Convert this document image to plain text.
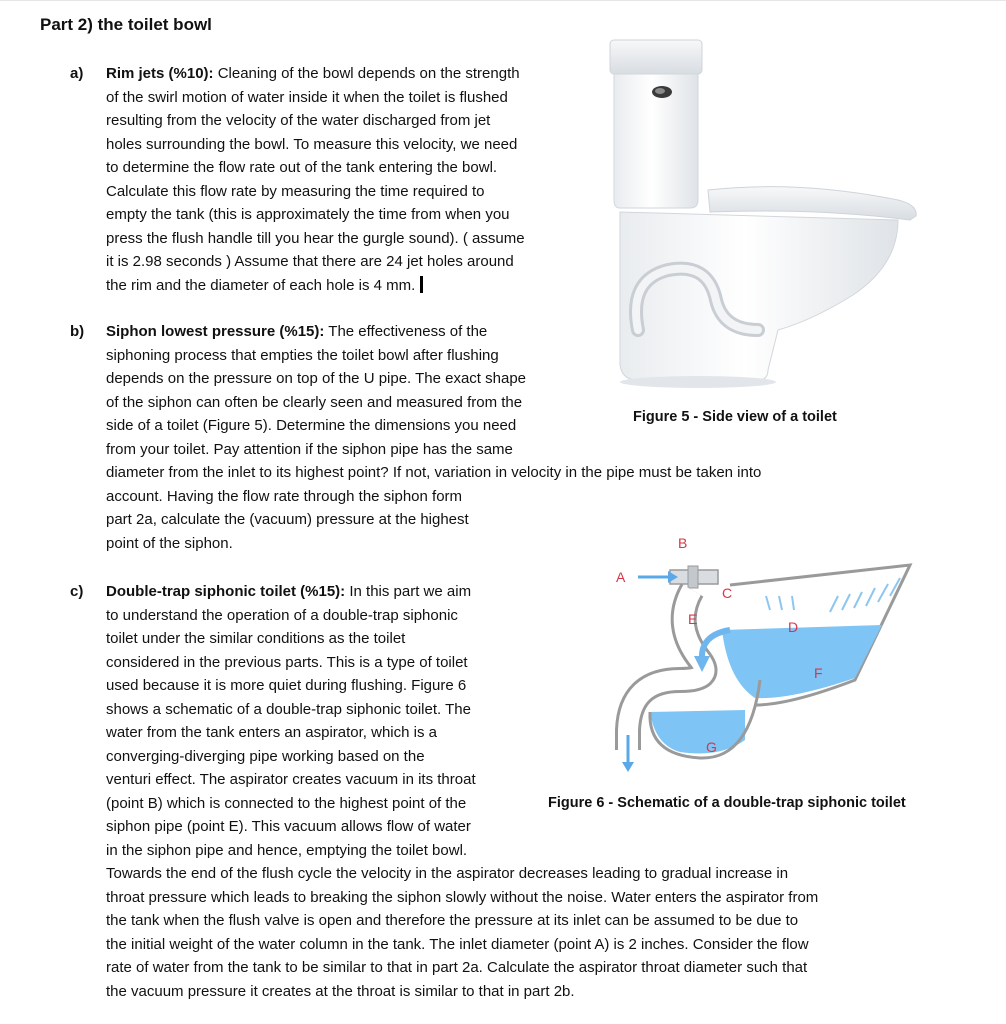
Part 2) the toilet bowl
a) Rim jets (%10): Cleaning of the bowl depends on the strength
of the swirl motion of water inside it when the toilet is flushed
resulting from the velocity of the water discharged from jet
holes surrounding the bowl. To measure this velocity, we need
to determine the flow rate out of the tank entering the bowl.
Calculate this flow rate by measuring the time required to
empty the tank (this is approximately the time from when you
press the flush handle till you hear the gurgle sound). ( assume
it is 2.98 seconds ) Assume that there are 24 jet holes around
the rim and the diameter of each hole is 4 mm.
b) Siphon lowest pressure (%15): The effectiveness of the
siphoning process that empties the toilet bowl after flushing
depends on the pressure on top of the U pipe. The exact shape
of the siphon can often be clearly seen and measured from the
side of a toilet (Figure 5). Determine the dimensions you need
from your toilet. Pay attention if the siphon pipe has the same
diameter from the inlet to its highest point? If not, variation in velocity in the pipe must be taken into
account. Having the flow rate through the siphon form
part 2a, calculate the (vacuum) pressure at the highest
point of the siphon.
c) Double-trap siphonic toilet (%15): In this part we aim
to understand the operation of a double-trap siphonic
toilet under the similar conditions as the toilet
considered in the previous parts. This is a type of toilet
used because it is more quiet during flushing. Figure 6
shows a schematic of a double-trap siphonic toilet. The
water from the tank enters an aspirator, which is a
converging-diverging pipe working based on the
venturi effect. The aspirator creates vacuum in its throat
(point B) which is connected to the highest point of the
siphon pipe (point E). This vacuum allows flow of water
in the siphon pipe and hence, emptying the toilet bowl.
Towards the end of the flush cycle the velocity in the aspirator decreases leading to gradual increase in
throat pressure which leads to breaking the siphon slowly without the noise. Water enters the aspirator from
the tank when the flush valve is open and therefore the pressure at its inlet can be assumed to be due to
the initial weight of the water column in the tank. The inlet diameter (point A) is 2 inches. Consider the flow
rate of water from the tank to be similar to that in part 2a. Calculate the aspirator throat diameter such that
the vacuum pressure it creates at the throat is similar to that in part 2b.
Figure 5 - Side view of a toilet
A
B
C
D
E
F
G
Figure 6 - Schematic of a double-trap siphonic toilet
